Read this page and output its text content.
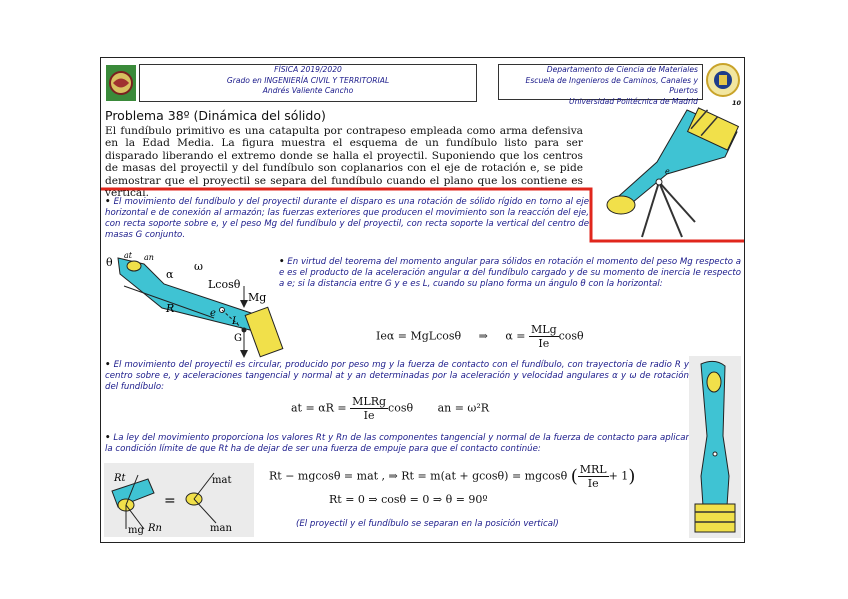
FÍSICA 2019/2020
Grado en INGENIERÍA CIVIL Y TERRITORIAL
Andrés Valiente Cancho
Departamento de Ciencia de Materiales
Escuela de Ingenieros de Caminos, Canales y Puertos
Universidad Politécnica de Madrid	10
Problema 38º (Dinámica del sólido)
El fundíbulo primitivo es una catapulta por contrapeso empleada como arma defensiva en la Edad Media. La figura muestra el esquema de un fundíbulo listo para ser disparado liberando el extremo donde se halla el proyectil. Suponiendo que los centros de masas del proyectil y del fundíbulo son coplanarios con el eje de rotación e, se pide demostrar que el proyectil se separa del fundíbulo cuando el plano que los contiene es vertical.
e
• El movimiento del fundíbulo y del proyectil durante el disparo es una rotación de sólido rígido en torno al eje horizontal e de conexión al armazón; las fuerzas exteriores que producen el movimiento son la reacción del eje, con recta soporte sobre e, y el peso Mg del fundíbulo y del proyectil, con recta soporte la vertical del centro de masas G conjunto.
θ
at an
α
ω
Lcosθ
Mg
R	e
L
G
• En virtud del teorema del momento angular para sólidos en rotación el momento del peso Mg respecto a e es el producto de la aceleración angular α del fundíbulo cargado y de su momento de inercia Ie respecto a e; si la distancia entre G y e es L, cuando su plano forma un ángulo θ con la horizontal:
Ieα = MgLcosθ ⇒ α = MLg
Ie
cosθ
• El movimiento del proyectil es circular, producido por peso mg y la fuerza de contacto con el fundíbulo, con trayectoria de radio R y centro sobre e, y aceleraciones tangencial y normal at y an determinadas por la aceleración y velocidad angulares α y ω de rotación del fundíbulo:
at = αR = MLRg
Ie
cosθ an = ω²R
• La ley del movimiento proporciona los valores Rt y Rn de las componentes tangencial y normal de la fuerza de contacto para aplicar la condición límite de que Rt ha de dejar de ser una fuerza de empuje para que el contacto continúe:
Rt
Rn
mg
=
mat
man
Rt − mgcosθ = mat , ⇒ Rt = m(at + gcosθ) = mgcosθ ( MRL
Ie
+ 1)
Rt = 0 ⇒ cosθ = 0 ⇒ θ = 90º
(El proyectil y el fundíbulo se separan en la posición vertical)
